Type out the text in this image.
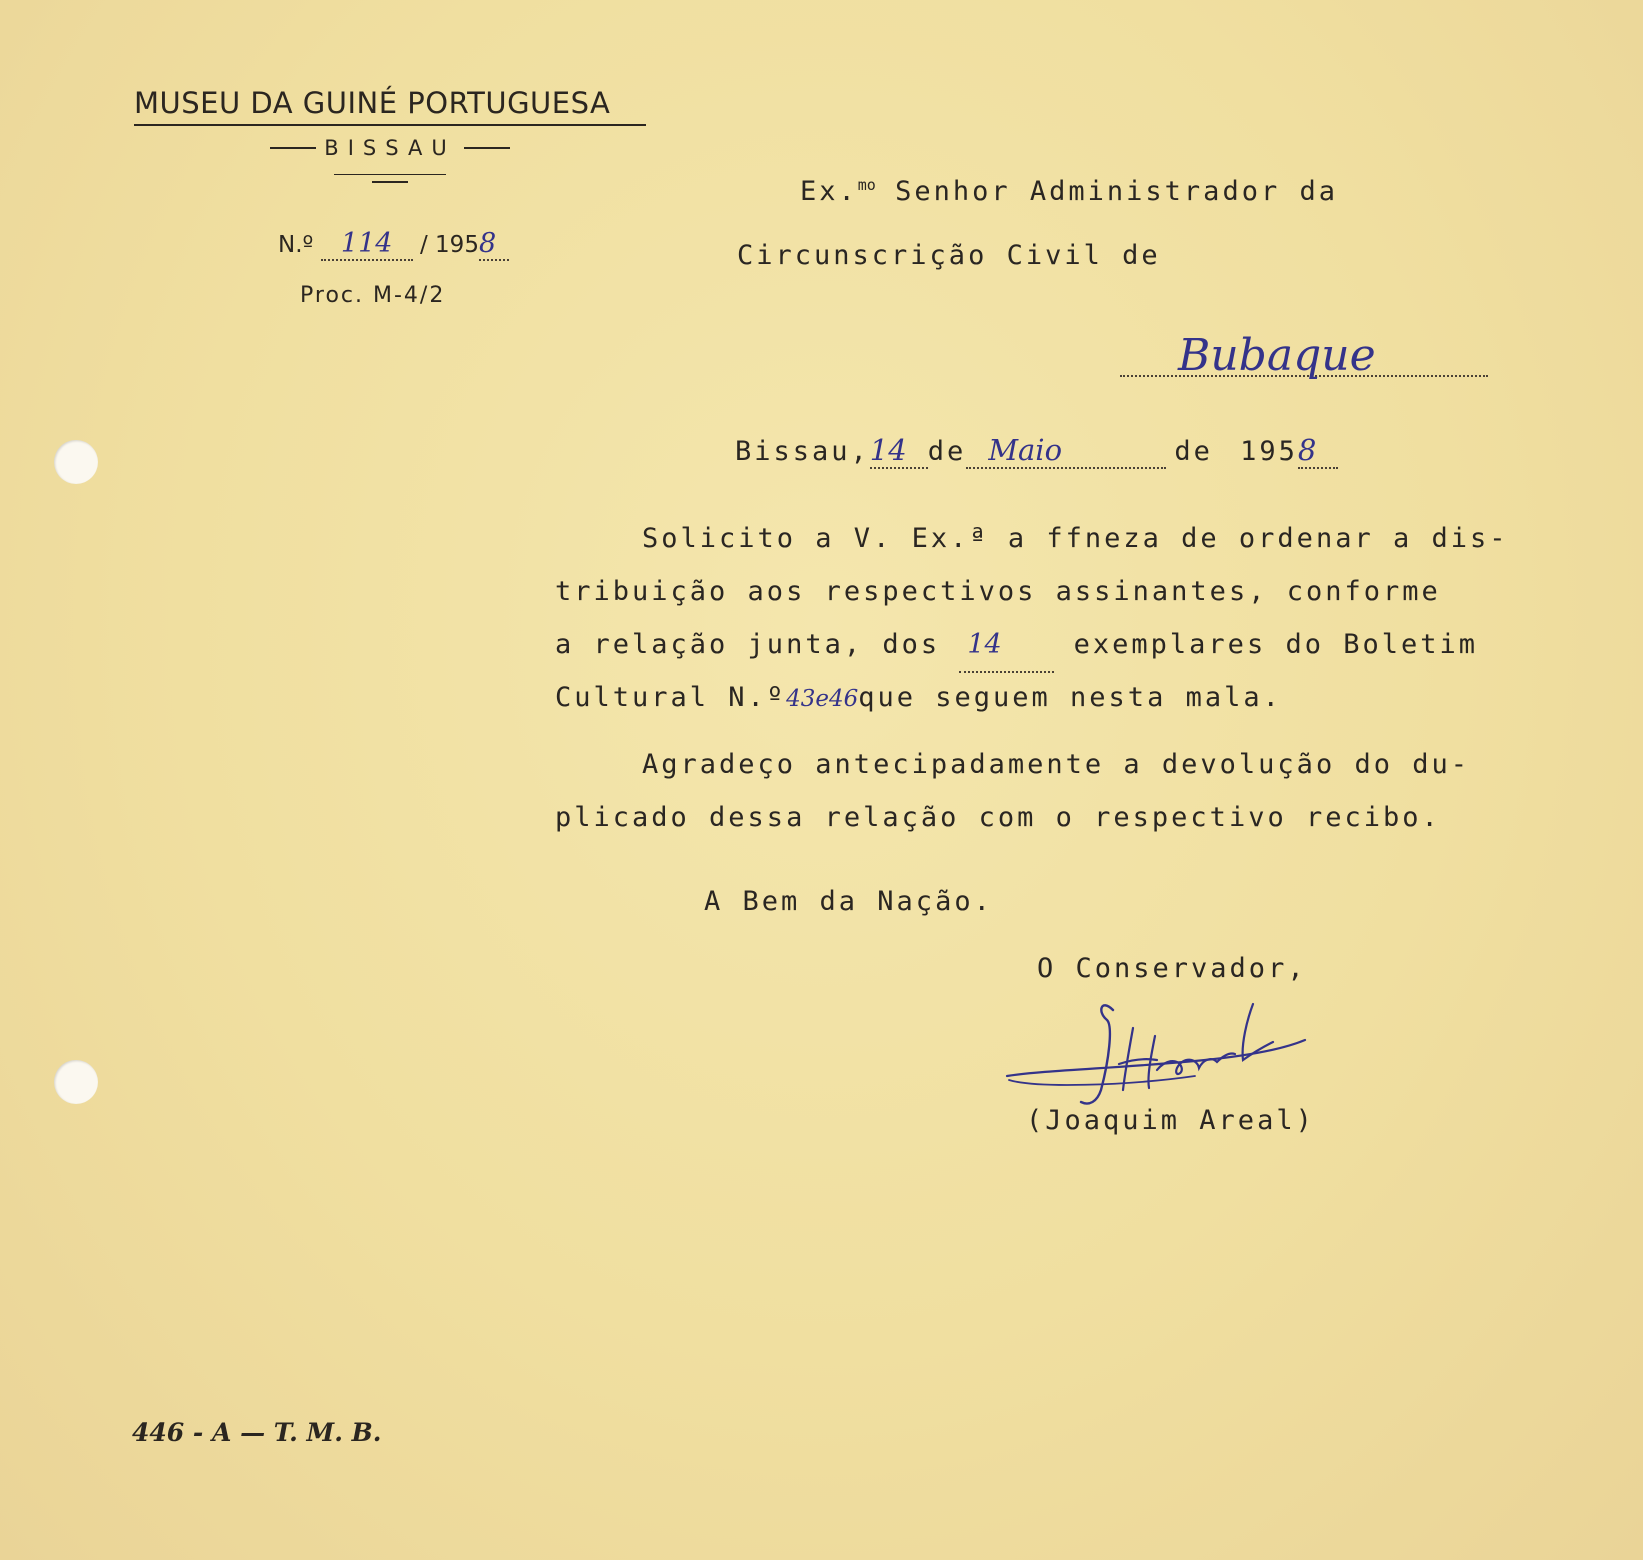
MUSEU DA GUINÉ PORTUGUESA
BISSAU
N.º 114 / 1958
Proc. M-4/2
Ex.$^{mo}$ Senhor Administrador da
Circunscrição Civil de
Bubaque
Bissau,14 de Maio	de 1958
Solicito a V. Ex.ª a ffneza de ordenar a dis-
tribuição aos respectivos assinantes, conforme
a relação junta, dos 14	exemplares do Boletim
Cultural N.º43e46que seguem nesta mala.
Agradeço antecipadamente a devolução do du-
plicado dessa relação com o respectivo recibo.
A Bem da Nação.
O Conservador,
(Joaquim Areal)
446 - A — T. M. B.
